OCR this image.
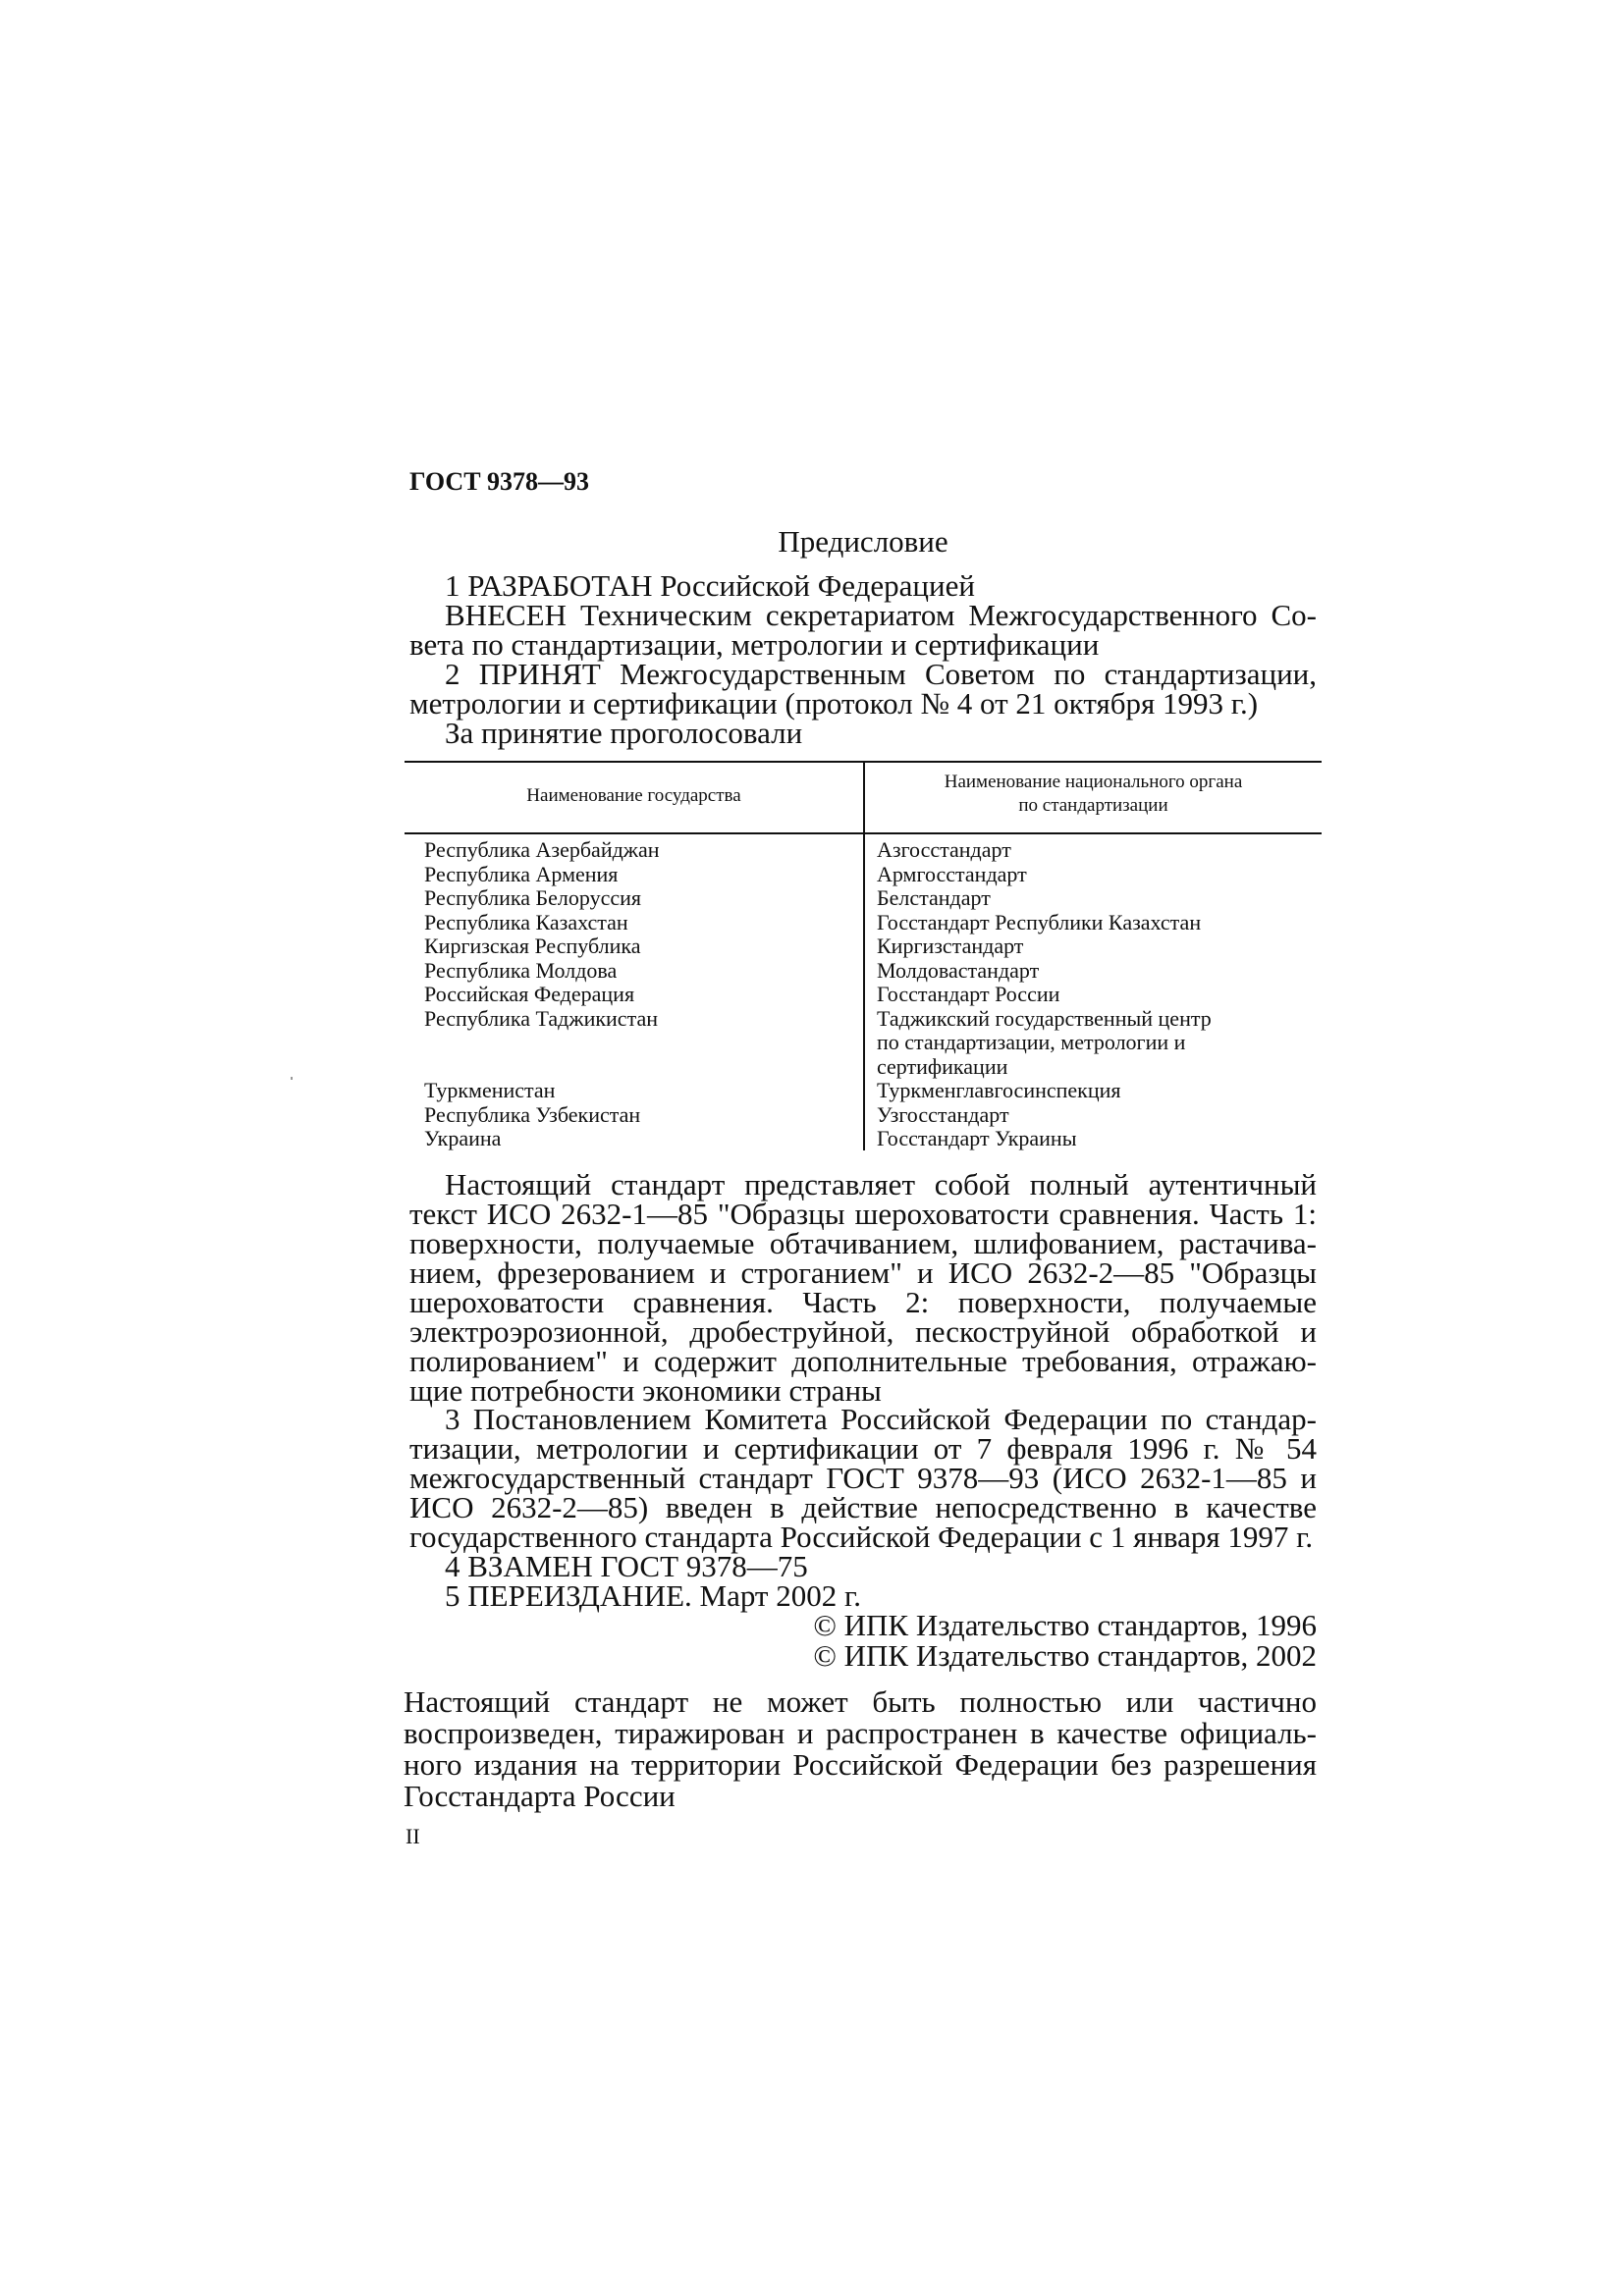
ГОСТ 9378—93
Предисловие
1 РАЗРАБОТАН Российской Федерацией
ВНЕСЕН Техническим секретариатом Межгосударственного Со-
вета по стандартизации, метрологии и сертификации
2 ПРИНЯТ Межгосударственным Советом по стандартизации,
метрологии и сертификации (протокол № 4 от 21 октября 1993 г.)
За принятие проголосовали
Наименование государства
Наименование национального органа
по стандартизации
Республика Азербайджан
Республика Армения
Республика Белоруссия
Республика Казахстан
Киргизская Республика
Республика Молдова
Российская Федерация
Республика Таджикистан

Туркменистан
Республика Узбекистан
Украина
Азгосстандарт
Армгосстандарт
Белстандарт
Госстандарт Республики Казахстан
Киргизстандарт
Молдовастандарт
Госстандарт России
Таджикский государственный центр
по стандартизации, метрологии и
сертификации
Туркменглавгосинспекция
Узгосстандарт
Госстандарт Украины
Настоящий стандарт представляет собой полный аутентичный
текст ИСО 2632-1—85 "Образцы шероховатости сравнения. Часть 1:
поверхности, получаемые обтачиванием, шлифованием, растачива-
нием, фрезерованием и строганием" и ИСО 2632-2—85 "Образцы
шероховатости сравнения. Часть 2: поверхности, получаемые
электроэрозионной, дробеструйной, пескоструйной обработкой и
полированием" и содержит дополнительные требования, отражаю-
щие потребности экономики страны
3 Постановлением Комитета Российской Федерации по стандар-
тизации, метрологии и сертификации от 7 февраля 1996 г. № 54
межгосударственный стандарт ГОСТ 9378—93 (ИСО 2632-1—85 и
ИСО 2632-2—85) введен в действие непосредственно в качестве
государственного стандарта Российской Федерации с 1 января 1997 г.
4 ВЗАМЕН ГОСТ 9378—75
5 ПЕРЕИЗДАНИЕ. Март 2002 г.
© ИПК Издательство стандартов, 1996
© ИПК Издательство стандартов, 2002
Настоящий стандарт не может быть полностью или частично
воспроизведен, тиражирован и распространен в качестве официаль-
ного издания на территории Российской Федерации без разрешения
Госстандарта России
II
